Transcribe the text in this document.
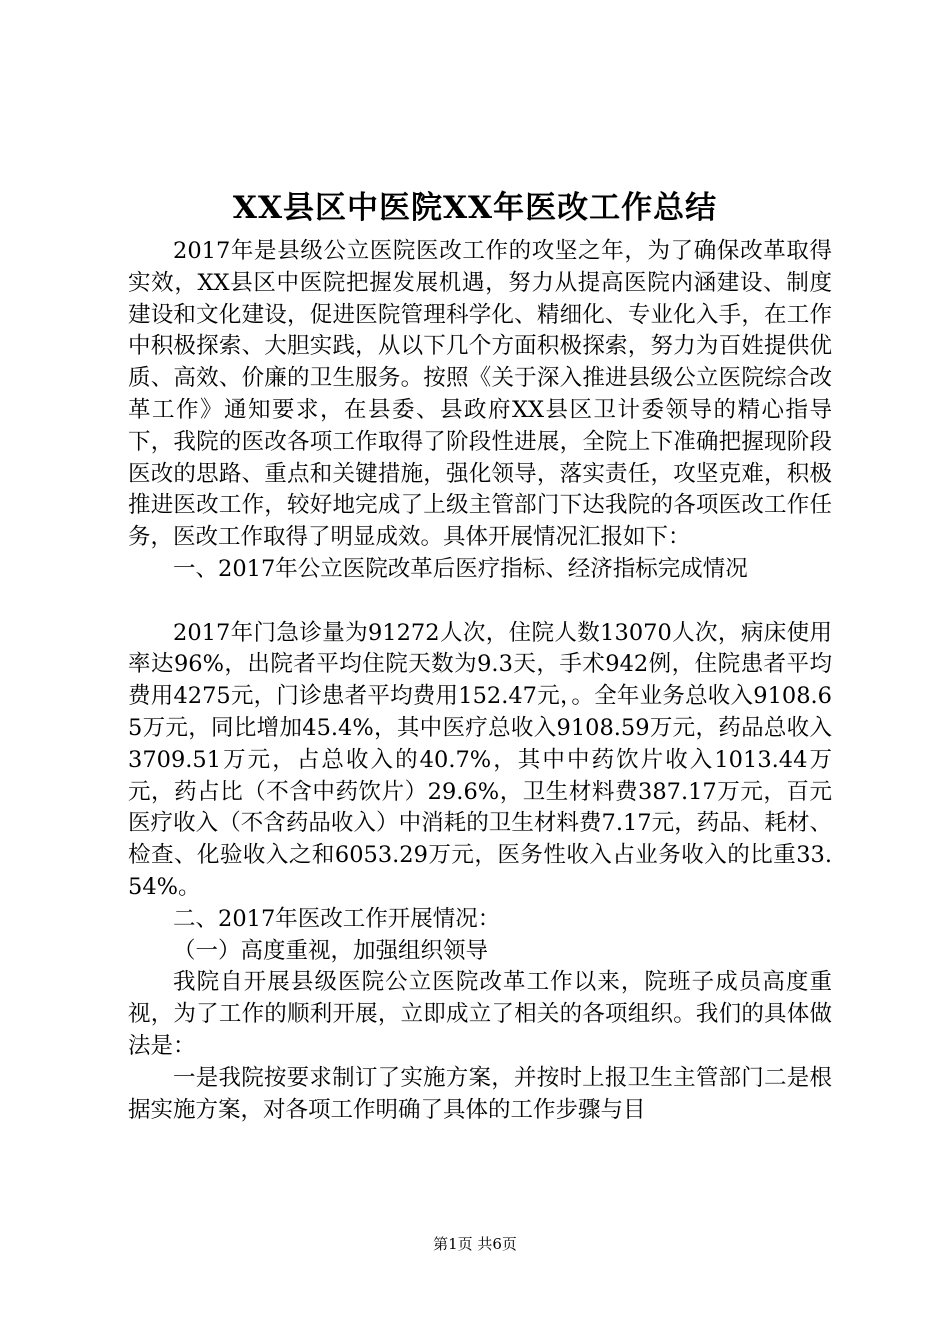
XX县区中医院XX年医改工作总结

2017年是县级公立医院医改工作的攻坚之年，为了确保改革取得实效，XX县区中医院把握发展机遇，努力从提高医院内涵建设、制度建设和文化建设，促进医院管理科学化、精细化、专业化入手，在工作中积极探索、大胆实践，从以下几个方面积极探索，努力为百姓提供优质、高效、价廉的卫生服务。按照《关于深入推进县级公立医院综合改革工作》通知要求，在县委、县政府XX县区卫计委领导的精心指导下，我院的医改各项工作取得了阶段性进展，全院上下准确把握现阶段医改的思路、重点和关键措施，强化领导，落实责任，攻坚克难，积极推进医改工作，较好地完成了上级主管部门下达我院的各项医改工作任务，医改工作取得了明显成效。具体开展情况汇报如下：

一、2017年公立医院改革后医疗指标、经济指标完成情况

2017年门急诊量为91272人次，住院人数13070人次，病床使用率达96%，出院者平均住院天数为9.3天，手术942例，住院患者平均费用4275元，门诊患者平均费用152.47元，。全年业务总收入9108.65万元，同比增加45.4%，其中医疗总收入9108.59万元，药品总收入3709.51万元，占总收入的40.7%，其中中药饮片收入1013.44万元，药占比（不含中药饮片）29.6%，卫生材料费387.17万元，百元医疗收入（不含药品收入）中消耗的卫生材料费7.17元，药品、耗材、检查、化验收入之和6053.29万元，医务性收入占业务收入的比重33.54%。

二、2017年医改工作开展情况：

（一）高度重视，加强组织领导

我院自开展县级医院公立医院改革工作以来，院班子成员高度重视，为了工作的顺利开展，立即成立了相关的各项组织。我们的具体做法是：

一是我院按要求制订了实施方案，并按时上报卫生主管部门二是根据实施方案，对各项工作明确了具体的工作步骤与目

第1页 共6页
